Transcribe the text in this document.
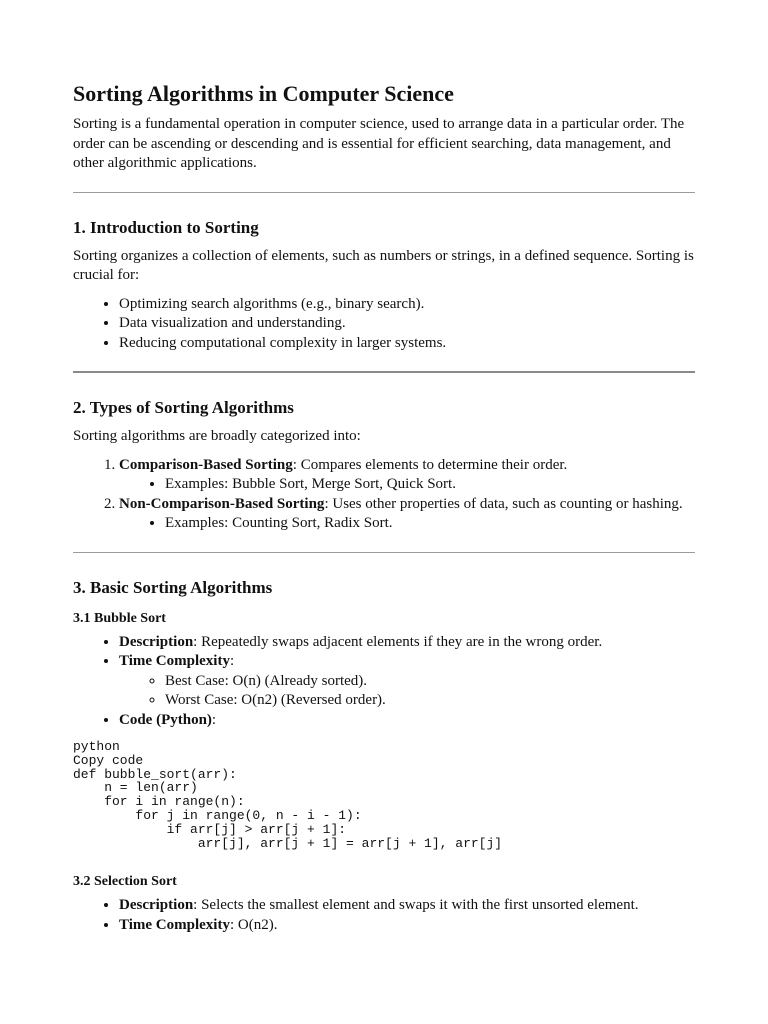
Sorting Algorithms in Computer Science

Sorting is a fundamental operation in computer science, used to arrange data in a particular order. The order can be ascending or descending and is essential for efficient searching, data management, and other algorithmic applications.

1. Introduction to Sorting

Sorting organizes a collection of elements, such as numbers or strings, in a defined sequence. Sorting is crucial for:

• Optimizing search algorithms (e.g., binary search).
• Data visualization and understanding.
• Reducing computational complexity in larger systems.
2. Types of Sorting Algorithms

Sorting algorithms are broadly categorized into:

1. Comparison-Based Sorting: Compares elements to determine their order.
• Examples: Bubble Sort, Merge Sort, Quick Sort.
2. Non-Comparison-Based Sorting: Uses other properties of data, such as counting or hashing.
• Examples: Counting Sort, Radix Sort.
3. Basic Sorting Algorithms
3.1 Bubble Sort
• Description: Repeatedly swaps adjacent elements if they are in the wrong order.
• Time Complexity:
◦ Best Case: O(n) (Already sorted).
◦ Worst Case: O(n2) (Reversed order).
• Code (Python):
python
Copy code
def bubble_sort(arr):
n = len(arr)
for i in range(n):
for j in range(0, n - i - 1):
if arr[j] > arr[j + 1]:
arr[j], arr[j + 1] = arr[j + 1], arr[j]
3.2 Selection Sort
• Description: Selects the smallest element and swaps it with the first unsorted element.
• Time Complexity: O(n2).
